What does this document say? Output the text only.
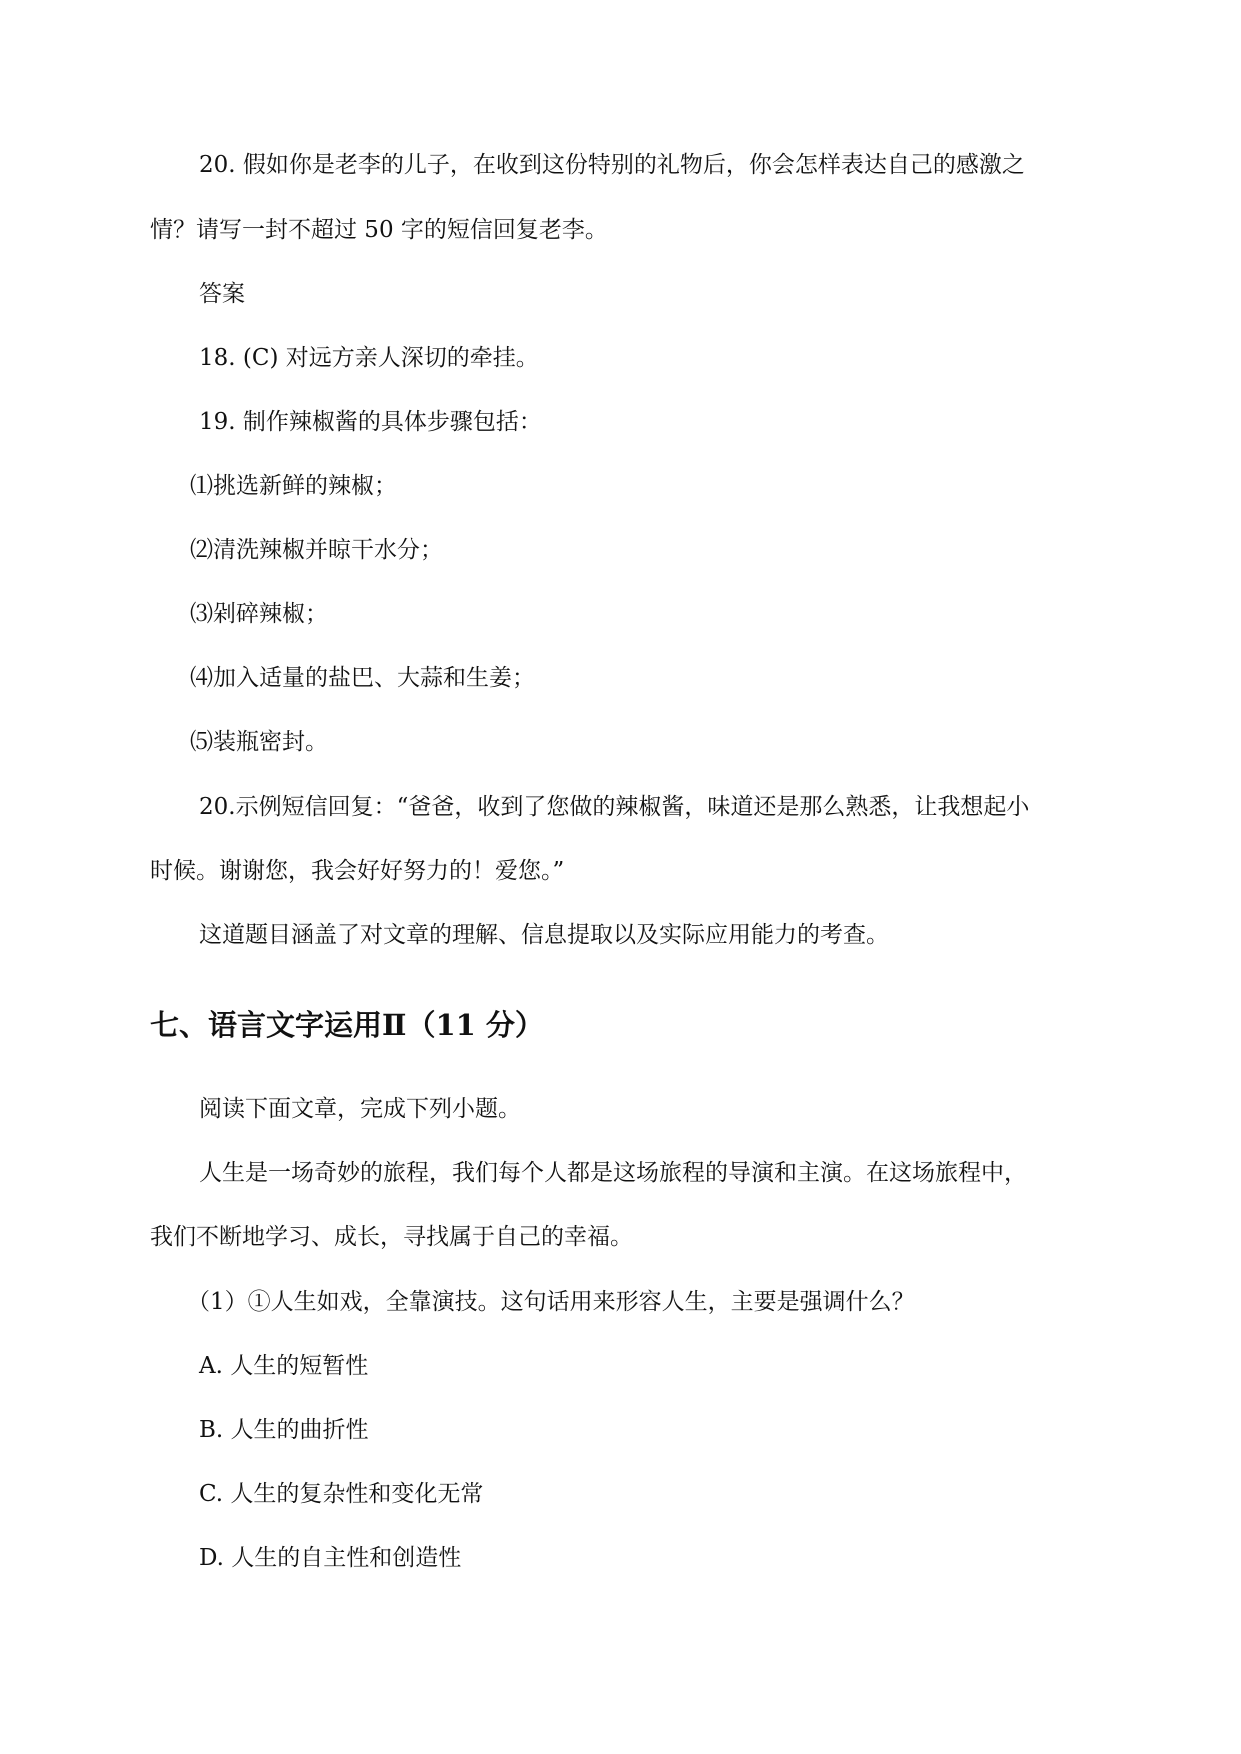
20. 假如你是老李的儿子，在收到这份特别的礼物后，你会怎样表达自己的感激之
情？请写一封不超过 50 字的短信回复老李。
答案
18. (C) 对远方亲人深切的牵挂。
19. 制作辣椒酱的具体步骤包括：
⑴挑选新鲜的辣椒；
⑵清洗辣椒并晾干水分；
⑶剁碎辣椒；
⑷加入适量的盐巴、大蒜和生姜；
⑸装瓶密封。
20.示例短信回复：“爸爸，收到了您做的辣椒酱，味道还是那么熟悉，让我想起小
时候。谢谢您，我会好好努力的！爱您。”
这道题目涵盖了对文章的理解、信息提取以及实际应用能力的考查。
七、语言文字运用Ⅱ（11 分）
阅读下面文章，完成下列小题。
人生是一场奇妙的旅程，我们每个人都是这场旅程的导演和主演。在这场旅程中，
我们不断地学习、成长，寻找属于自己的幸福。
（1）①人生如戏，全靠演技。这句话用来形容人生，主要是强调什么？
A. 人生的短暂性
B. 人生的曲折性
C. 人生的复杂性和变化无常
D. 人生的自主性和创造性
